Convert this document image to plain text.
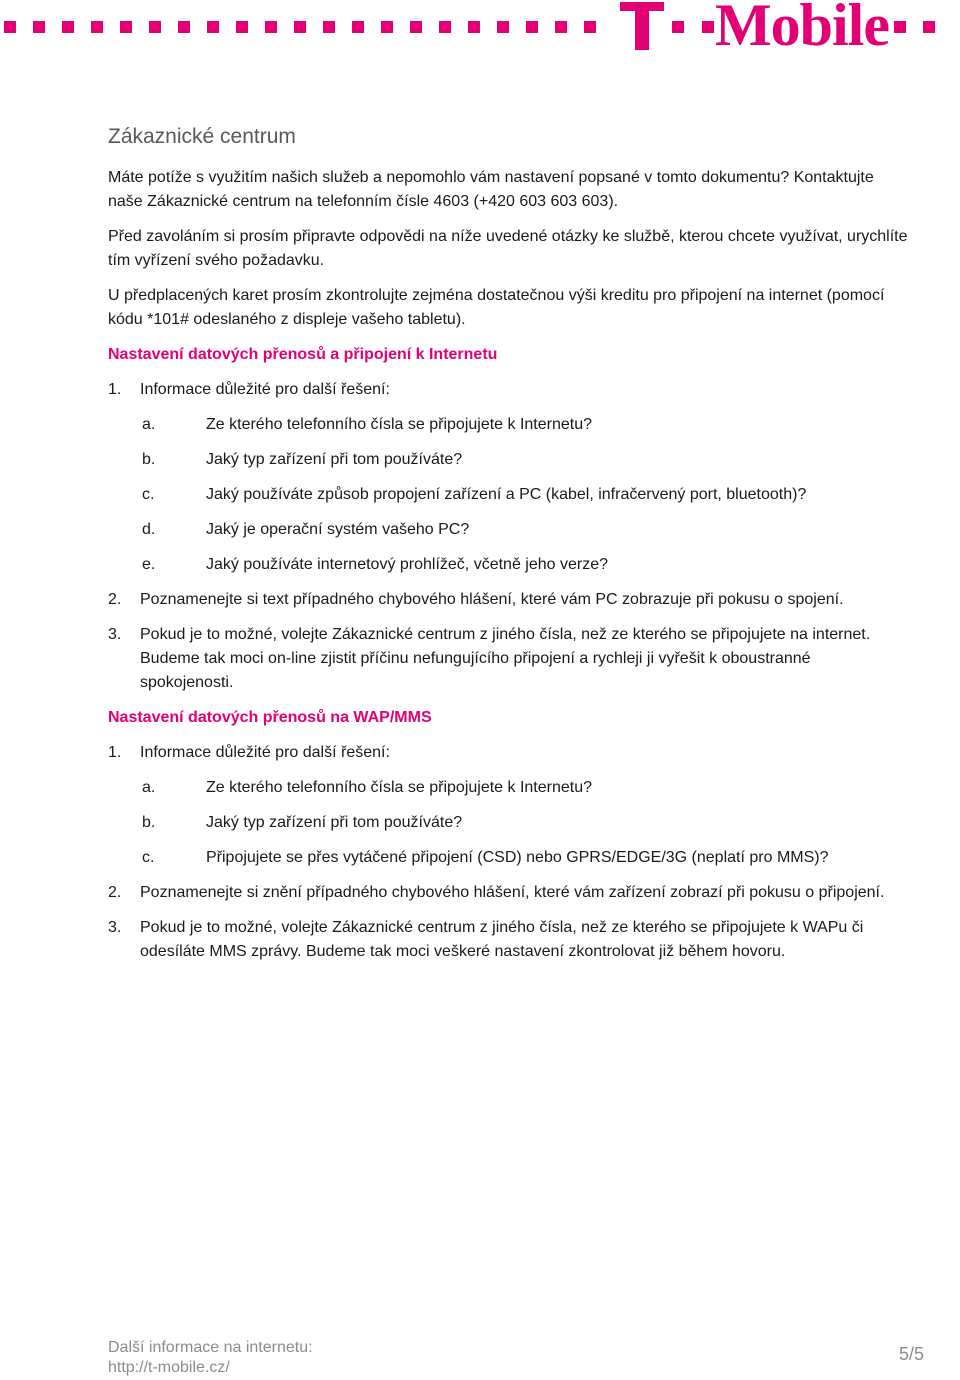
Mobile
Zákaznické centrum

Máte potíže s využitím našich služeb a nepomohlo vám nastavení popsané v tomto dokumentu? Kontaktujte naše Zákaznické centrum na telefonním čísle 4603 (+420 603 603 603).

Před zavoláním si prosím připravte odpovědi na níže uvedené otázky ke službě, kterou chcete využívat, urychlíte tím vyřízení svého požadavku.

U předplacených karet prosím zkontrolujte zejména dostatečnou výši kreditu pro připojení na internet (pomocí kódu *101# odeslaného z displeje vašeho tabletu).

Nastavení datových přenosů a připojení k Internetu
1. Informace důležité pro další řešení:
a.	Ze kterého telefonního čísla se připojujete k Internetu?
b.	Jaký typ zařízení při tom používáte?
c.	Jaký používáte způsob propojení zařízení a PC (kabel, infračervený port, bluetooth)?
d.	Jaký je operační systém vašeho PC?
e.	Jaký používáte internetový prohlížeč, včetně jeho verze?
2. Poznamenejte si text případného chybového hlášení, které vám PC zobrazuje při pokusu o spojení.
3. Pokud je to možné, volejte Zákaznické centrum z jiného čísla, než ze kterého se připojujete na internet. Budeme tak moci on-line zjistit příčinu nefungujícího připojení a rychleji ji vyřešit k oboustranné spokojenosti.
Nastavení datových přenosů na WAP/MMS
1. Informace důležité pro další řešení:
a.	Ze kterého telefonního čísla se připojujete k Internetu?
b.	Jaký typ zařízení při tom používáte?
c.	Připojujete se přes vytáčené připojení (CSD) nebo GPRS/EDGE/3G (neplatí pro MMS)?
2. Poznamenejte si znění případného chybového hlášení, které vám zařízení zobrazí při pokusu o připojení.
3. Pokud je to možné, volejte Zákaznické centrum z jiného čísla, než ze kterého se připojujete k WAPu či odesíláte MMS zprávy. Budeme tak moci veškeré nastavení zkontrolovat již během hovoru.
Další informace na internetu:
http://t-mobile.cz/
5/5
